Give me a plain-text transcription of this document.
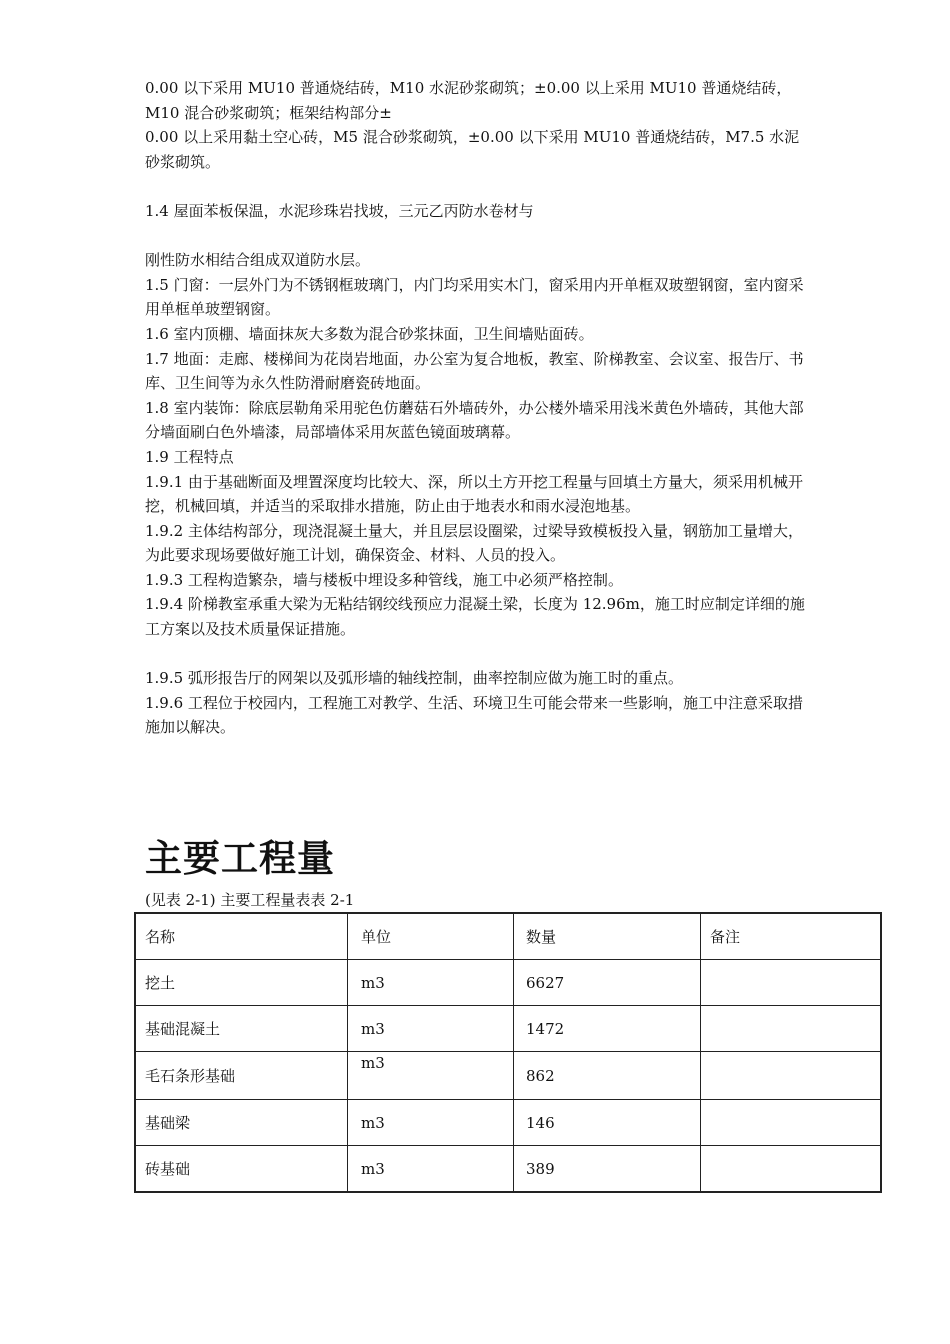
0.00 以下采用 MU10 普通烧结砖，M10 水泥砂浆砌筑；±0.00 以上采用 MU10 普通烧结砖，M10 混合砂浆砌筑；框架结构部分±

0.00 以上采用黏土空心砖，M5 混合砂浆砌筑，±0.00 以下采用 MU10 普通烧结砖，M7.5 水泥砂浆砌筑。

1.4 屋面苯板保温，水泥珍珠岩找坡，三元乙丙防水卷材与

刚性防水相结合组成双道防水层。

1.5 门窗：一层外门为不锈钢框玻璃门，内门均采用实木门，窗采用内开单框双玻塑钢窗，室内窗采用单框单玻塑钢窗。

1.6 室内顶棚、墙面抹灰大多数为混合砂浆抹面，卫生间墙贴面砖。

1.7 地面：走廊、楼梯间为花岗岩地面，办公室为复合地板，教室、阶梯教室、会议室、报告厅、书库、卫生间等为永久性防滑耐磨瓷砖地面。

1.8 室内装饰：除底层勒角采用驼色仿蘑菇石外墙砖外，办公楼外墙采用浅米黄色外墙砖，其他大部分墙面刷白色外墙漆，局部墙体采用灰蓝色镜面玻璃幕。

1.9 工程特点

1.9.1 由于基础断面及埋置深度均比较大、深，所以土方开挖工程量与回填土方量大，须采用机械开挖，机械回填，并适当的采取排水措施，防止由于地表水和雨水浸泡地基。

1.9.2 主体结构部分，现浇混凝土量大，并且层层设圈梁，过梁导致模板投入量，钢筋加工量增大，为此要求现场要做好施工计划，确保资金、材料、人员的投入。

1.9.3 工程构造繁杂，墙与楼板中埋设多种管线，施工中必须严格控制。

1.9.4 阶梯教室承重大梁为无粘结钢绞线预应力混凝土梁，长度为 12.96m，施工时应制定详细的施工方案以及技术质量保证措施。

1.9.5 弧形报告厅的网架以及弧形墙的轴线控制，曲率控制应做为施工时的重点。

1.9.6 工程位于校园内，工程施工对教学、生活、环境卫生可能会带来一些影响，施工中注意采取措施加以解决。

主要工程量
(见表 2-1) 主要工程量表表 2-1
名称	单位	数量	备注
挖土	m3	6627	
基础混凝土	m3	1472	
毛石条形基础	m3	862	
基础梁	m3	146	
砖基础	m3	389	
